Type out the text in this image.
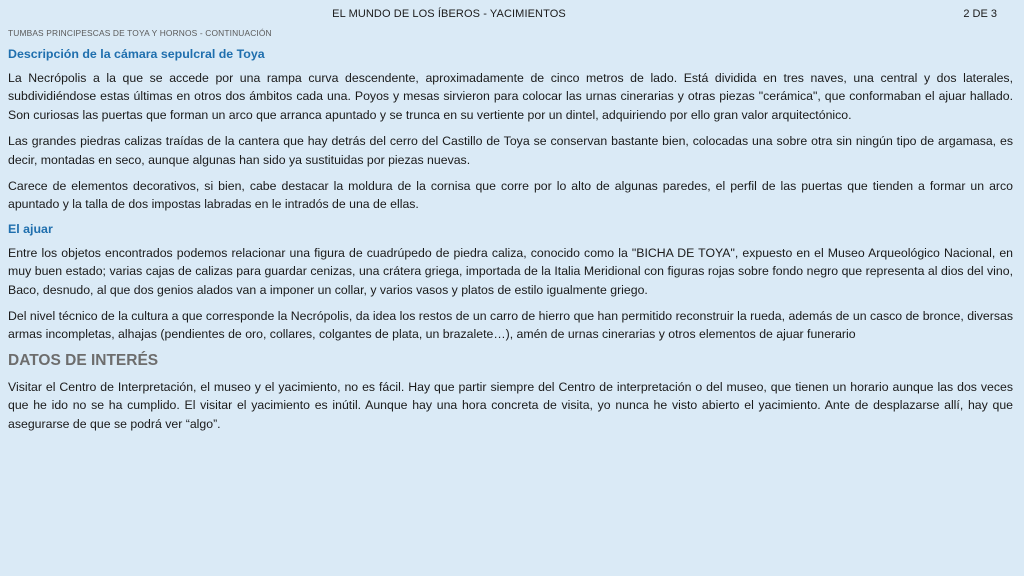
EL MUNDO DE LOS ÍBEROS - YACIMIENTOS	2 DE 3
TUMBAS PRINCIPESCAS DE TOYA Y HORNOS - CONTINUACIÓN
Descripción de la cámara sepulcral de Toya

La Necrópolis a la que se accede por una rampa curva descendente, aproximadamente de cinco metros de lado. Está dividida en tres naves, una central y dos laterales, subdividiéndose estas últimas en otros dos ámbitos cada una. Poyos y mesas sirvieron para colocar las urnas cinerarias y otras piezas "cerámica", que conformaban el ajuar hallado. Son curiosas las puertas que forman un arco que arranca apuntado y se trunca en su vertiente por un dintel, adquiriendo por ello gran valor arquitectónico.

Las grandes piedras calizas traídas de la cantera que hay detrás del cerro del Castillo de Toya se conservan bastante bien, colocadas una sobre otra sin ningún tipo de argamasa, es decir, montadas en seco, aunque algunas han sido ya sustituidas por piezas nuevas.

Carece de elementos decorativos, si bien, cabe destacar la moldura de la cornisa que corre por lo alto de algunas paredes, el perfil de las puertas que tienden a formar un arco apuntado y la talla de dos impostas labradas en le intradós de una de ellas.

El ajuar

Entre los objetos encontrados podemos relacionar una figura de cuadrúpedo de piedra caliza, conocido como la "BICHA DE TOYA", expuesto en el Museo Arqueológico Nacional, en muy buen estado; varias cajas de calizas para guardar cenizas, una crátera griega, importada de la Italia Meridional con figuras rojas sobre fondo negro que representa al dios del vino, Baco, desnudo, al que dos genios alados van a imponer un collar, y varios vasos y platos de estilo igualmente griego.

Del nivel técnico de la cultura a que corresponde la Necrópolis, da idea los restos de un carro de hierro que han permitido reconstruir la rueda, además de un casco de bronce, diversas armas incompletas, alhajas (pendientes de oro, collares, colgantes de plata, un brazalete…), amén de urnas cinerarias y otros elementos de ajuar funerario

DATOS DE INTERÉS

Visitar el Centro de Interpretación, el museo y el yacimiento, no es fácil. Hay que partir siempre del Centro de interpretación o del museo, que tienen un horario aunque las dos veces que he ido no se ha cumplido. El visitar el yacimiento es inútil. Aunque hay una hora concreta de visita, yo nunca he visto abierto el yacimiento. Ante de desplazarse allí, hay que asegurarse de que se podrá ver “algo”.
